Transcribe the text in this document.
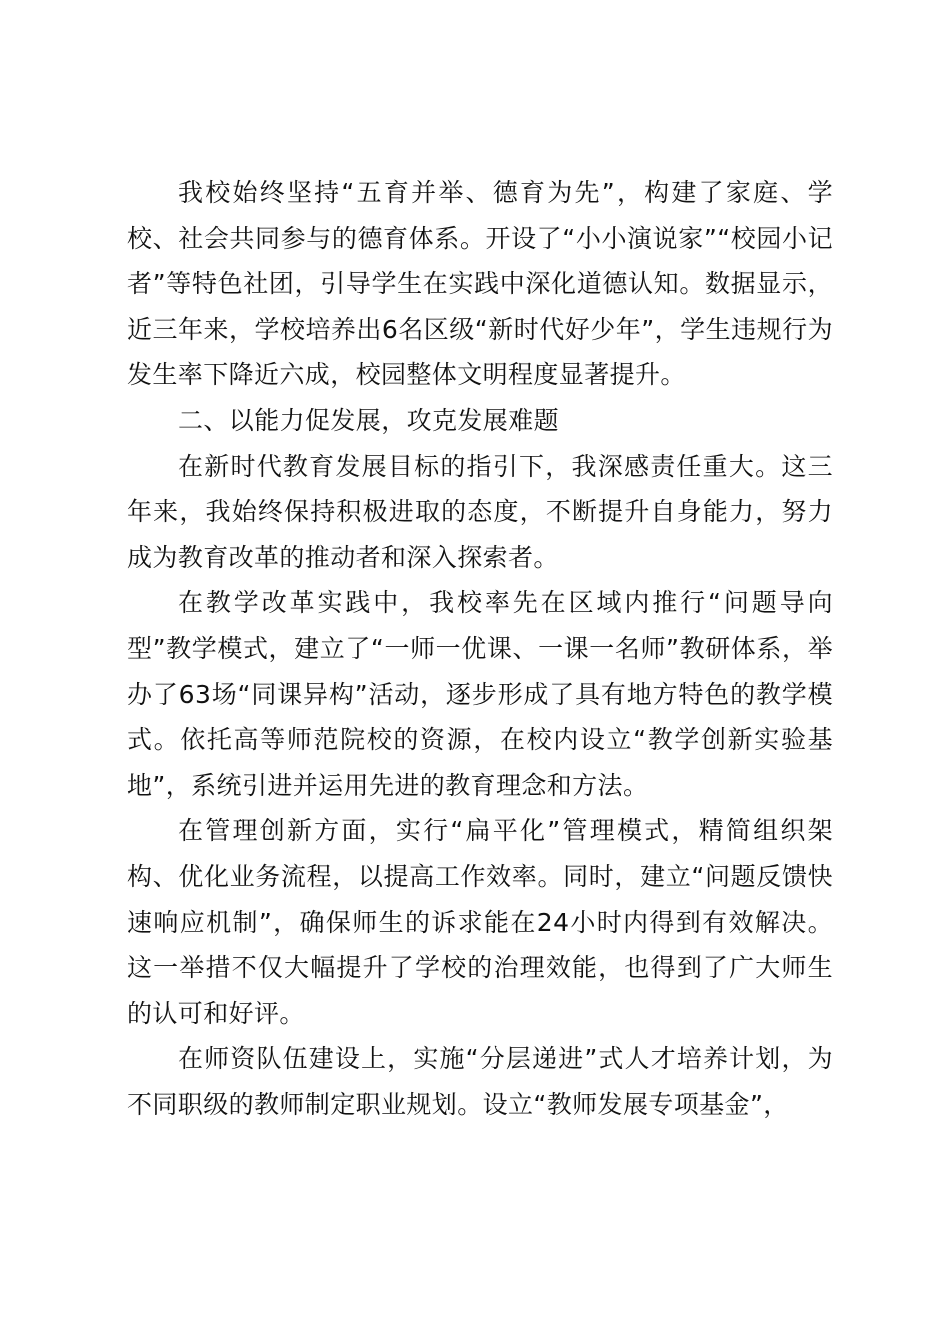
我校始终坚持“五育并举、德育为先”，构建了家庭、学校、社会共同参与的德育体系。开设了“小小演说家”“校园小记者”等特色社团，引导学生在实践中深化道德认知。数据显示，近三年来，学校培养出6名区级“新时代好少年”，学生违规行为发生率下降近六成，校园整体文明程度显著提升。

二、以能力促发展，攻克发展难题

在新时代教育发展目标的指引下，我深感责任重大。这三年来，我始终保持积极进取的态度，不断提升自身能力，努力成为教育改革的推动者和深入探索者。

在教学改革实践中，我校率先在区域内推行“问题导向型”教学模式，建立了“一师一优课、一课一名师”教研体系，举办了63场“同课异构”活动，逐步形成了具有地方特色的教学模式。依托高等师范院校的资源，在校内设立“教学创新实验基地”，系统引进并运用先进的教育理念和方法。

在管理创新方面，实行“扁平化”管理模式，精简组织架构、优化业务流程，以提高工作效率。同时，建立“问题反馈快速响应机制”，确保师生的诉求能在24小时内得到有效解决。这一举措不仅大幅提升了学校的治理效能，也得到了广大师生的认可和好评。

在师资队伍建设上，实施“分层递进”式人才培养计划，为不同职级的教师制定职业规划。设立“教师发展专项基金”，
